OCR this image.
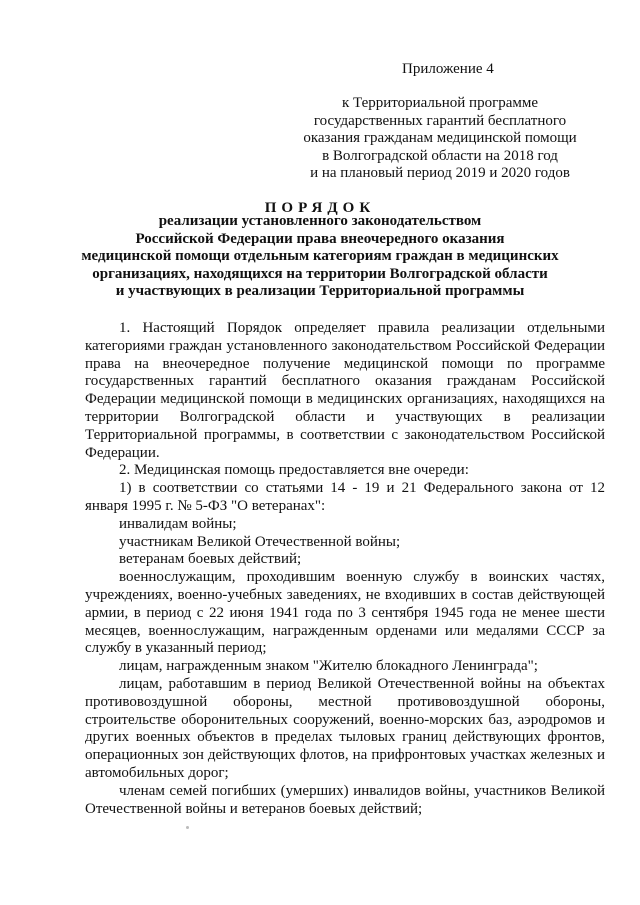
Приложение 4
к Территориальной программе
государственных гарантий бесплатного
оказания гражданам медицинской помощи
в Волгоградской области на 2018 год
и на плановый период 2019 и 2020 годов
ПОРЯДОК
реализации установленного законодательством
Российской Федерации права внеочередного оказания
медицинской помощи отдельным категориям граждан в медицинских
организациях, находящихся на территории Волгоградской области
и участвующих в реализации Территориальной программы

1. Настоящий Порядок определяет правила реализации отдельными категориями граждан установленного законодательством Российской Федерации права на внеочередное получение медицинской помощи по программе государственных гарантий бесплатного оказания гражданам Российской Федерации медицинской помощи в медицинских организациях, находящихся на территории Волгоградской области и участвующих в реализации Территориальной программы, в соответствии с законодательством Российской Федерации.

2. Медицинская помощь предоставляется вне очереди:

1) в соответствии со статьями 14 - 19 и 21 Федерального закона от 12 января 1995 г. № 5-ФЗ "О ветеранах":

инвалидам войны;

участникам Великой Отечественной войны;

ветеранам боевых действий;

военнослужащим, проходившим военную службу в воинских частях, учреждениях, военно-учебных заведениях, не входивших в состав действующей армии, в период с 22 июня 1941 года по 3 сентября 1945 года не менее шести месяцев, военнослужащим, награжденным орденами или медалями СССР за службу в указанный период;

лицам, награжденным знаком "Жителю блокадного Ленинграда";

лицам, работавшим в период Великой Отечественной войны на объектах противовоздушной обороны, местной противовоздушной обороны, строительстве оборонительных сооружений, военно-морских баз, аэродромов и других военных объектов в пределах тыловых границ действующих фронтов, операционных зон действующих флотов, на прифронтовых участках железных и автомобильных дорог;

членам семей погибших (умерших) инвалидов войны, участников Великой Отечественной войны и ветеранов боевых действий;
